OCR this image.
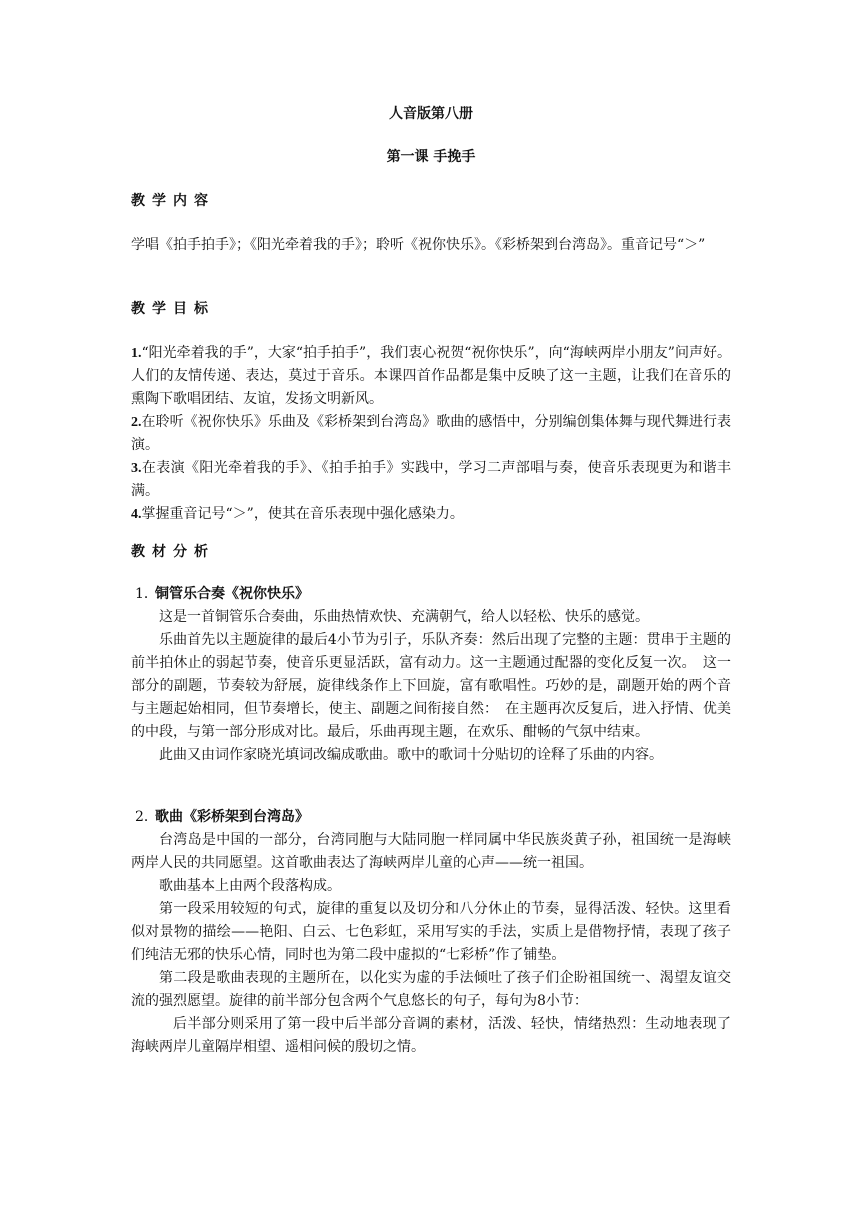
人音版第八册
第一课 手挽手
教学内容

学唱《拍手拍手》；《阳光牵着我的手》；聆听《祝你快乐》。《彩桥架到台湾岛》。重音记号“＞”

教学目标

1.“阳光牵着我的手”，大家“拍手拍手”，我们衷心祝贺“祝你快乐”，向“海峡两岸小朋友”问声好。人们的友情传递、表达，莫过于音乐。本课四首作品都是集中反映了这一主题，让我们在音乐的熏陶下歌唱团结、友谊，发扬文明新风。

2.在聆听《祝你快乐》乐曲及《彩桥架到台湾岛》歌曲的感悟中，分别编创集体舞与现代舞进行表演。

3.在表演《阳光牵着我的手》、《拍手拍手》实践中，学习二声部唱与奏，使音乐表现更为和谐丰满。

4.掌握重音记号“＞”，使其在音乐表现中强化感染力。

教材分析

1．铜管乐合奏《祝你快乐》

这是一首铜管乐合奏曲，乐曲热情欢快、充满朝气，给人以轻松、快乐的感觉。

乐曲首先以主题旋律的最后4小节为引子，乐队齐奏：然后出现了完整的主题：贯串于主题的前半拍休止的弱起节奏，使音乐更显活跃，富有动力。这一主题通过配器的变化反复一次。　这一部分的副题，节奏较为舒展，旋律线条作上下回旋，富有歌唱性。巧妙的是，副题开始的两个音与主题起始相同，但节奏增长，使主、副题之间衔接自然：　在主题再次反复后，进入抒情、优美的中段，与第一部分形成对比。最后，乐曲再现主题，在欢乐、酣畅的气氛中结束。

此曲又由词作家晓光填词改编成歌曲。歌中的歌词十分贴切的诠释了乐曲的内容。

2．歌曲《彩桥架到台湾岛》

台湾岛是中国的一部分，台湾同胞与大陆同胞一样同属中华民族炎黄子孙，祖国统一是海峡两岸人民的共同愿望。这首歌曲表达了海峡两岸儿童的心声——统一祖国。

歌曲基本上由两个段落构成。

第一段采用较短的句式，旋律的重复以及切分和八分休止的节奏，显得活泼、轻快。这里看似对景物的描绘——艳阳、白云、七色彩虹，采用写实的手法，实质上是借物抒情，表现了孩子们纯洁无邪的快乐心情，同时也为第二段中虚拟的“七彩桥”作了铺垫。

第二段是歌曲表现的主题所在，以化实为虚的手法倾吐了孩子们企盼祖国统一、渴望友谊交流的强烈愿望。旋律的前半部分包含两个气息悠长的句子，每句为8小节：

后半部分则采用了第一段中后半部分音调的素材，活泼、轻快，情绪热烈：生动地表现了海峡两岸儿童隔岸相望、遥相问候的殷切之情。
